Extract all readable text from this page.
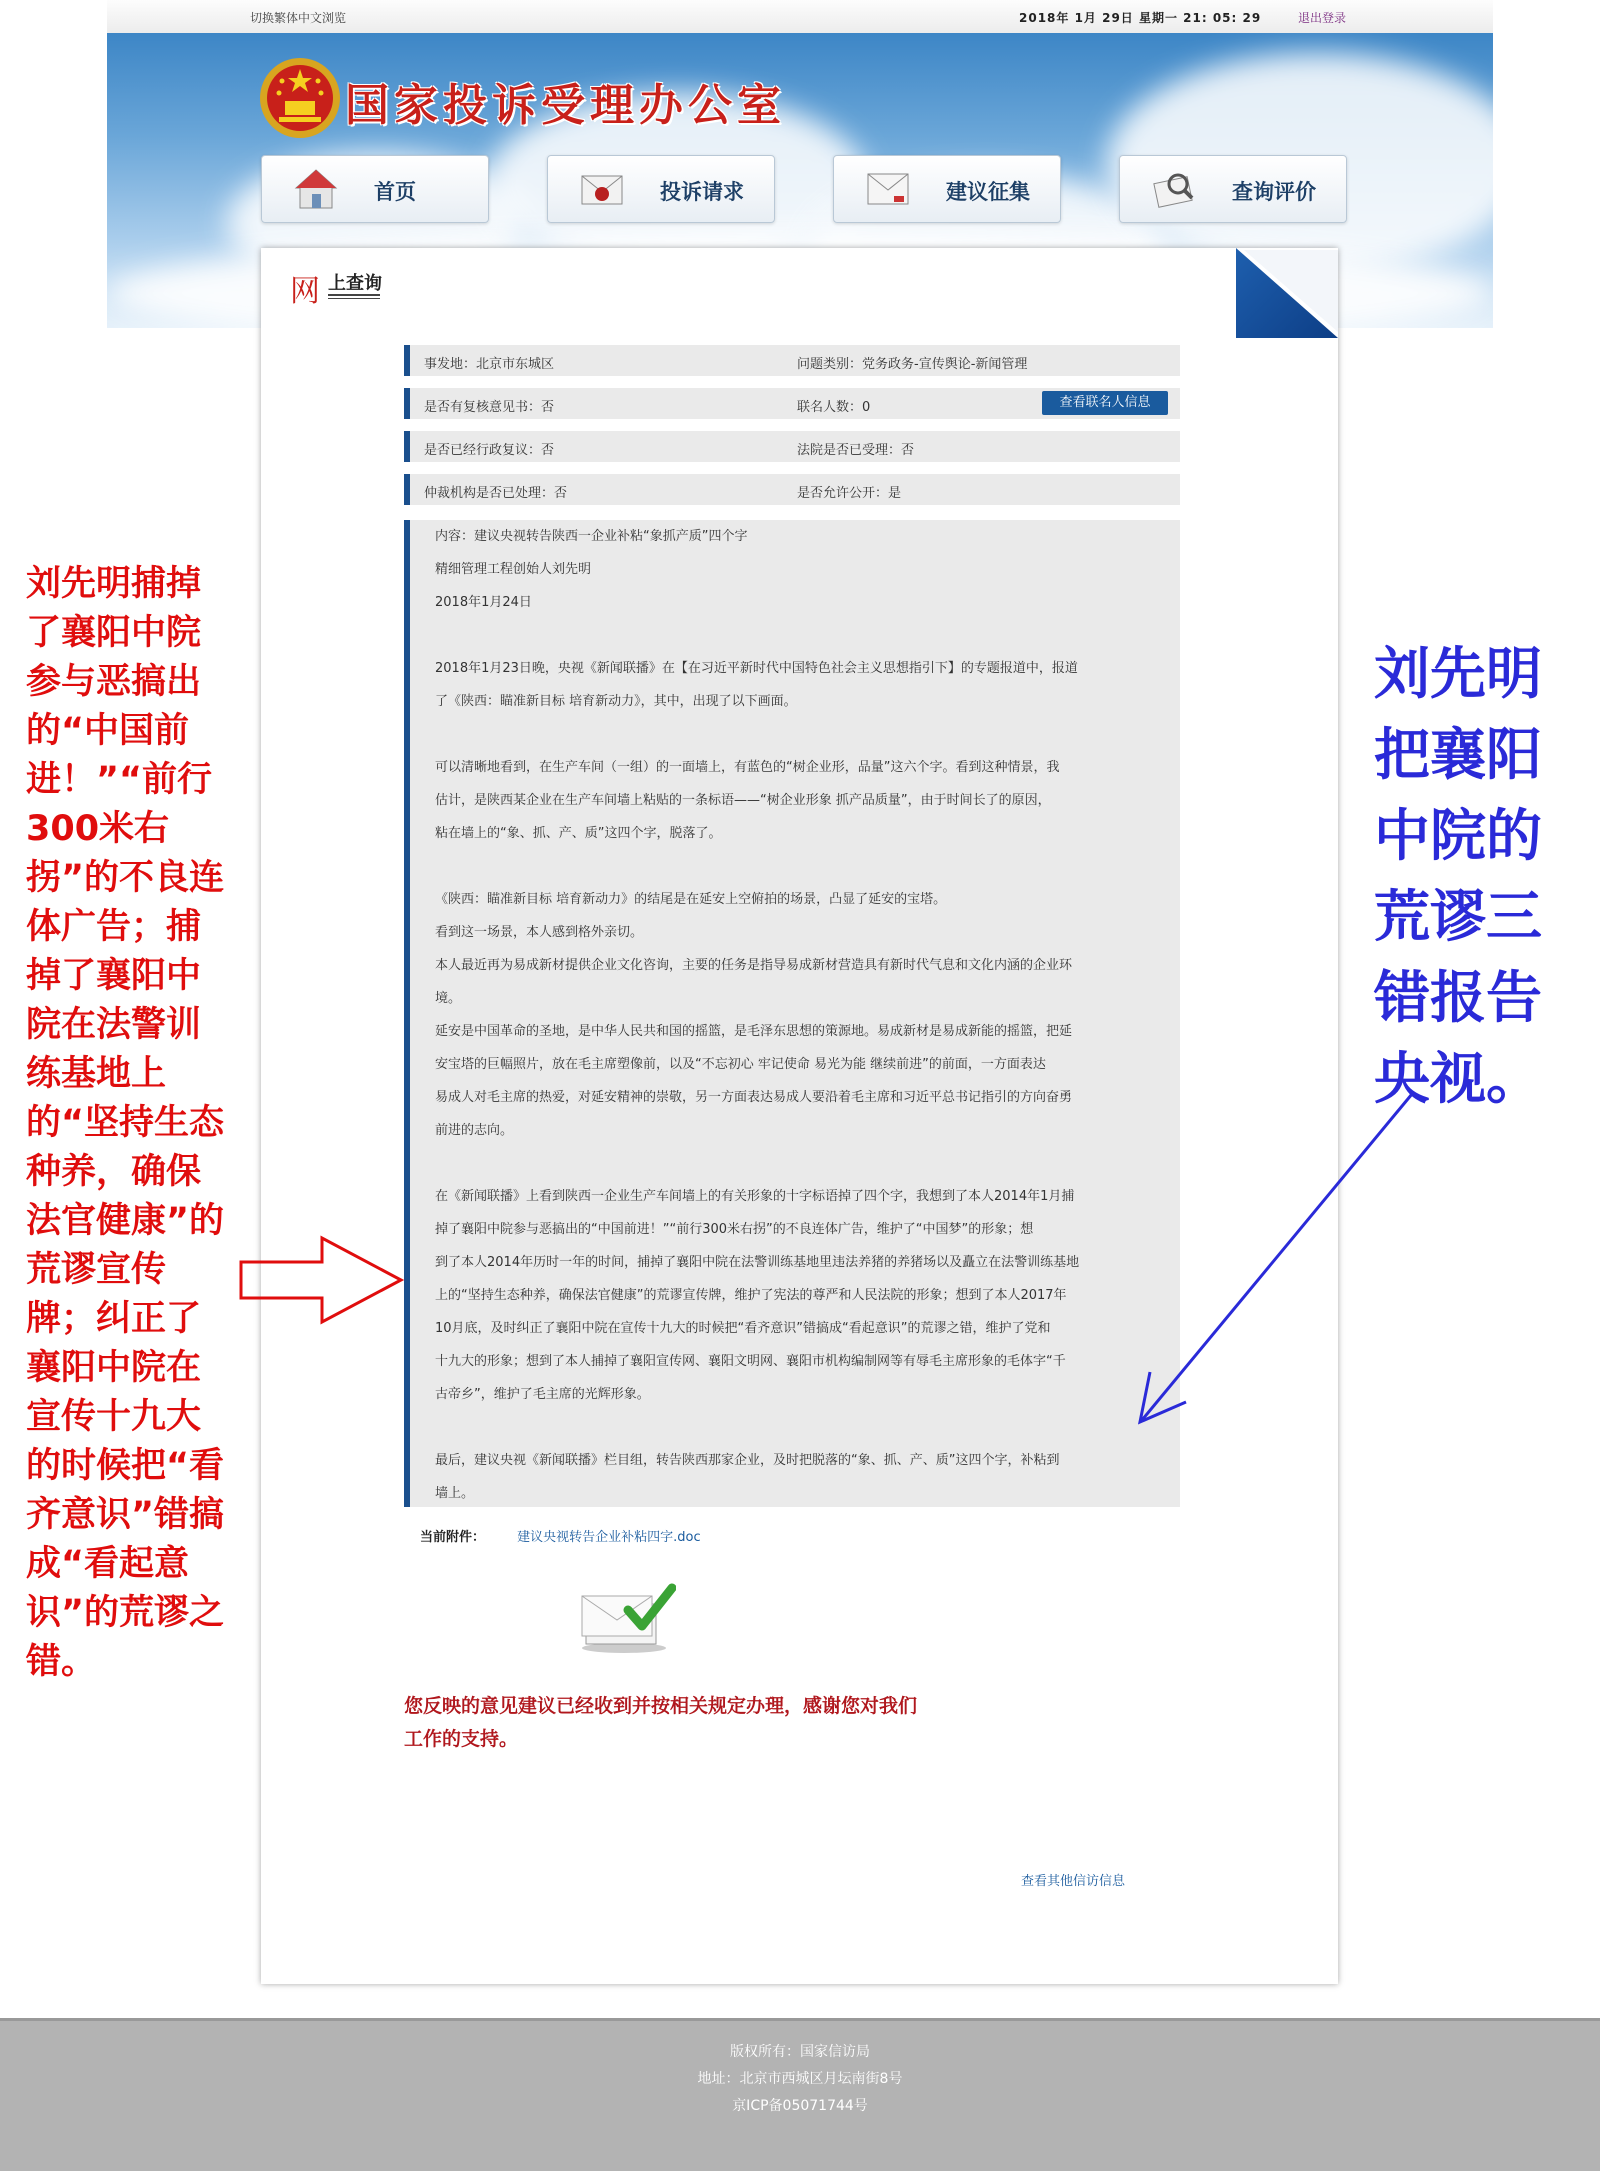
切换繁体中文浏览	2018年 1月 29日 星期一 21: 05: 29	退出登录
国家投诉受理办公室
首页	投诉请求	建议征集	查询评价
网 上查询
事发地：北京市东城区	问题类别：党务政务-宣传舆论-新闻管理
是否有复核意见书：否	联名人数：0	查看联名人信息
是否已经行政复议：否	法院是否已受理：否
仲裁机构是否已处理：否	是否允许公开：是

内容：建议央视转告陕西一企业补粘“象抓产质”四个字

精细管理工程创始人刘先明

2018年1月24日

2018年1月23日晚，央视《新闻联播》在【在习近平新时代中国特色社会主义思想指引下】的专题报道中，报道

了《陕西：瞄准新目标 培育新动力》，其中，出现了以下画面。

可以清晰地看到，在生产车间（一组）的一面墙上，有蓝色的“树企业形，品量”这六个字。看到这种情景，我

估计，是陕西某企业在生产车间墙上粘贴的一条标语——“树企业形象 抓产品质量”，由于时间长了的原因，

粘在墙上的“象、抓、产、质”这四个字，脱落了。

《陕西：瞄准新目标 培育新动力》的结尾是在延安上空俯拍的场景，凸显了延安的宝塔。

看到这一场景，本人感到格外亲切。

本人最近再为易成新材提供企业文化咨询，主要的任务是指导易成新材营造具有新时代气息和文化内涵的企业环

境。

延安是中国革命的圣地，是中华人民共和国的摇篮，是毛泽东思想的策源地。易成新材是易成新能的摇篮，把延

安宝塔的巨幅照片，放在毛主席塑像前，以及“不忘初心 牢记使命 易光为能 继续前进”的前面，一方面表达

易成人对毛主席的热爱，对延安精神的崇敬，另一方面表达易成人要沿着毛主席和习近平总书记指引的方向奋勇

前进的志向。

在《新闻联播》上看到陕西一企业生产车间墙上的有关形象的十字标语掉了四个字，我想到了本人2014年1月捕

掉了襄阳中院参与恶搞出的“中国前进！”“前行300米右拐”的不良连体广告，维护了“中国梦”的形象；想

到了本人2014年历时一年的时间，捕掉了襄阳中院在法警训练基地里违法养猪的养猪场以及矗立在法警训练基地

上的“坚持生态种养，确保法官健康”的荒谬宣传牌，维护了宪法的尊严和人民法院的形象；想到了本人2017年

10月底，及时纠正了襄阳中院在宣传十九大的时候把“看齐意识”错搞成“看起意识”的荒谬之错，维护了党和

十九大的形象；想到了本人捕掉了襄阳宣传网、襄阳文明网、襄阳市机构编制网等有辱毛主席形象的毛体字“千

古帝乡”，维护了毛主席的光辉形象。

最后，建议央视《新闻联播》栏目组，转告陕西那家企业，及时把脱落的“象、抓、产、质”这四个字，补粘到

墙上。

当前附件： 建议央视转告企业补粘四字.doc
您反映的意见建议已经收到并按相关规定办理，感谢您对我们工作的支持。
查看其他信访信息
刘先明捕掉了襄阳中院参与恶搞出的“中国前进！”“前行300米右拐”的不良连体广告；捕掉了襄阳中院在法警训练基地上的“坚持生态种养，确保法官健康”的荒谬宣传牌；纠正了襄阳中院在宣传十九大的时候把“看齐意识”错搞成“看起意识”的荒谬之错。
刘先明把襄阳中院的荒谬三错报告央视。
版权所有：国家信访局
地址：北京市西城区月坛南街8号
京ICP备05071744号
